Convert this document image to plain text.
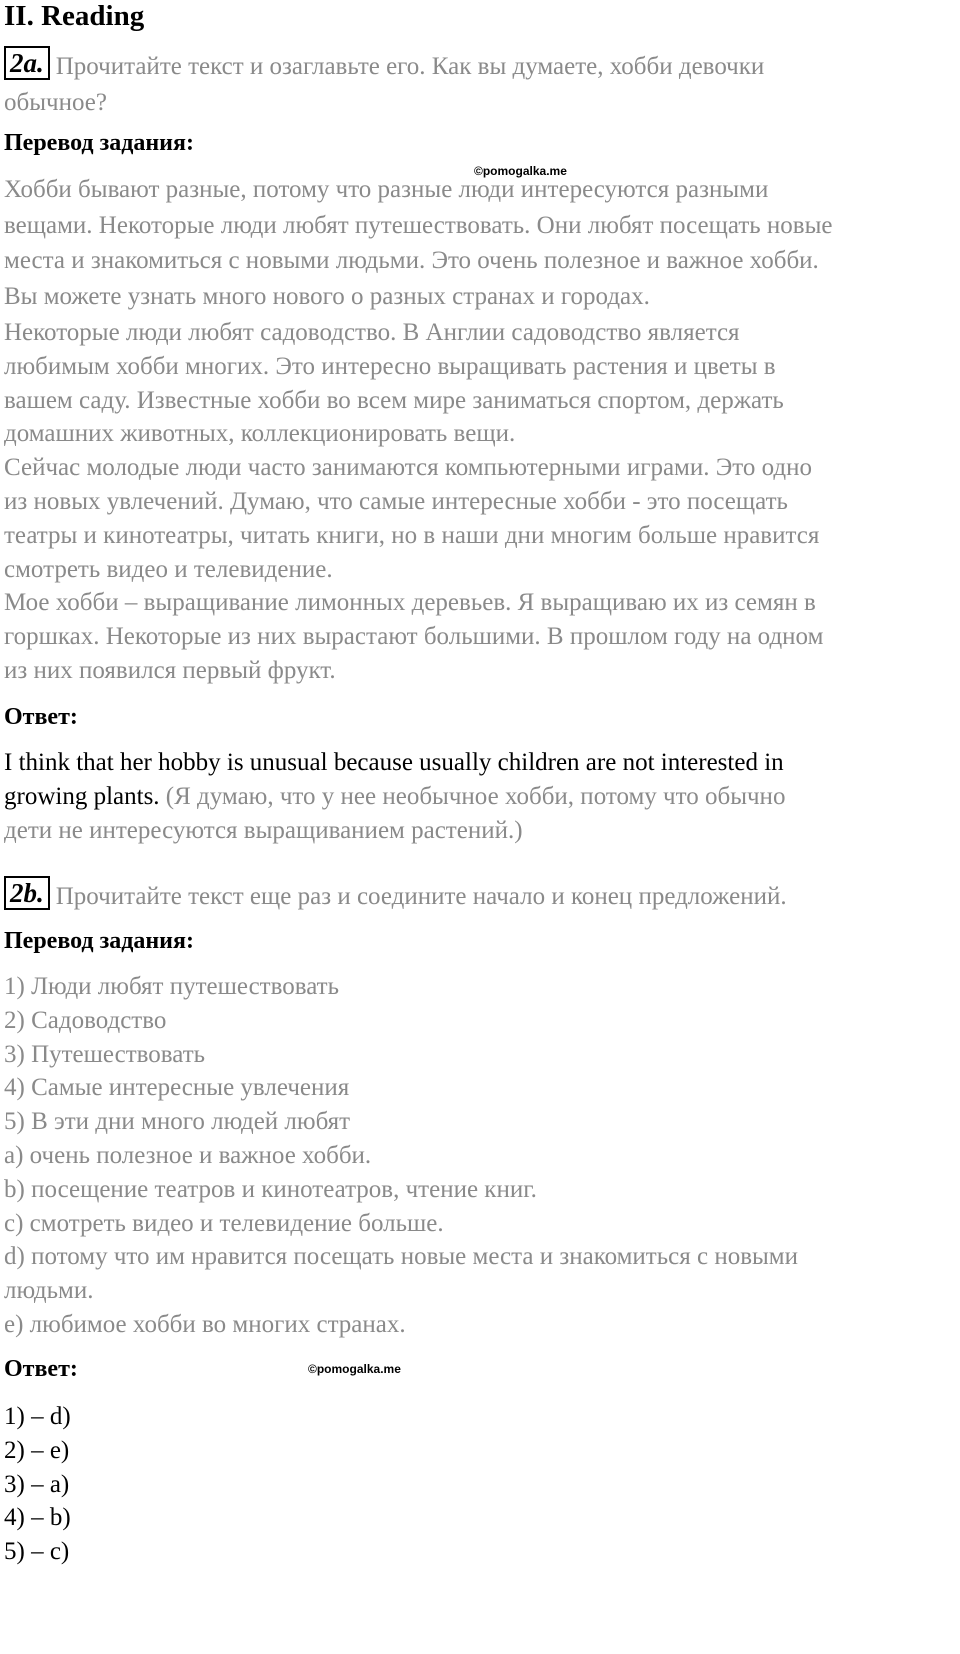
II. Reading
2a. Прочитайте текст и озаглавьте его. Как вы думаете, хобби девочки
обычное?
Перевод задания:
©pomogalka.me
Хобби бывают разные, потому что разные люди интересуются разными
вещами. Некоторые люди любят путешествовать. Они любят посещать новые
места и знакомиться с новыми людьми. Это очень полезное и важное хобби.
Вы можете узнать много нового о разных странах и городах.
Некоторые люди любят садоводство. В Англии садоводство является
любимым хобби многих. Это интересно выращивать растения и цветы в
вашем саду. Известные хобби во всем мире заниматься спортом, держать
домашних животных, коллекционировать вещи.
Сейчас молодые люди часто занимаются компьютерными играми. Это одно
из новых увлечений. Думаю, что самые интересные хобби - это посещать
театры и кинотеатры, читать книги, но в наши дни многим больше нравится
смотреть видео и телевидение.
Мое хобби – выращивание лимонных деревьев. Я выращиваю их из семян в
горшках. Некоторые из них вырастают большими. В прошлом году на одном
из них появился первый фрукт.
Ответ:
I think that her hobby is unusual because usually children are not interested in
growing plants. (Я думаю, что у нее необычное хобби, потому что обычно
дети не интересуются выращиванием растений.)
2b. Прочитайте текст еще раз и соедините начало и конец предложений.
Перевод задания:
1) Люди любят путешествовать
2) Садоводство
3) Путешествовать
4) Самые интересные увлечения
5) В эти дни много людей любят
a) очень полезное и важное хобби.
b) посещение театров и кинотеатров, чтение книг.
c) смотреть видео и телевидение больше.
d) потому что им нравится посещать новые места и знакомиться с новыми
людьми.
e) любимое хобби во многих странах.
Ответ:	©pomogalka.me
1) – d)
2) – e)
3) – a)
4) – b)
5) – c)
